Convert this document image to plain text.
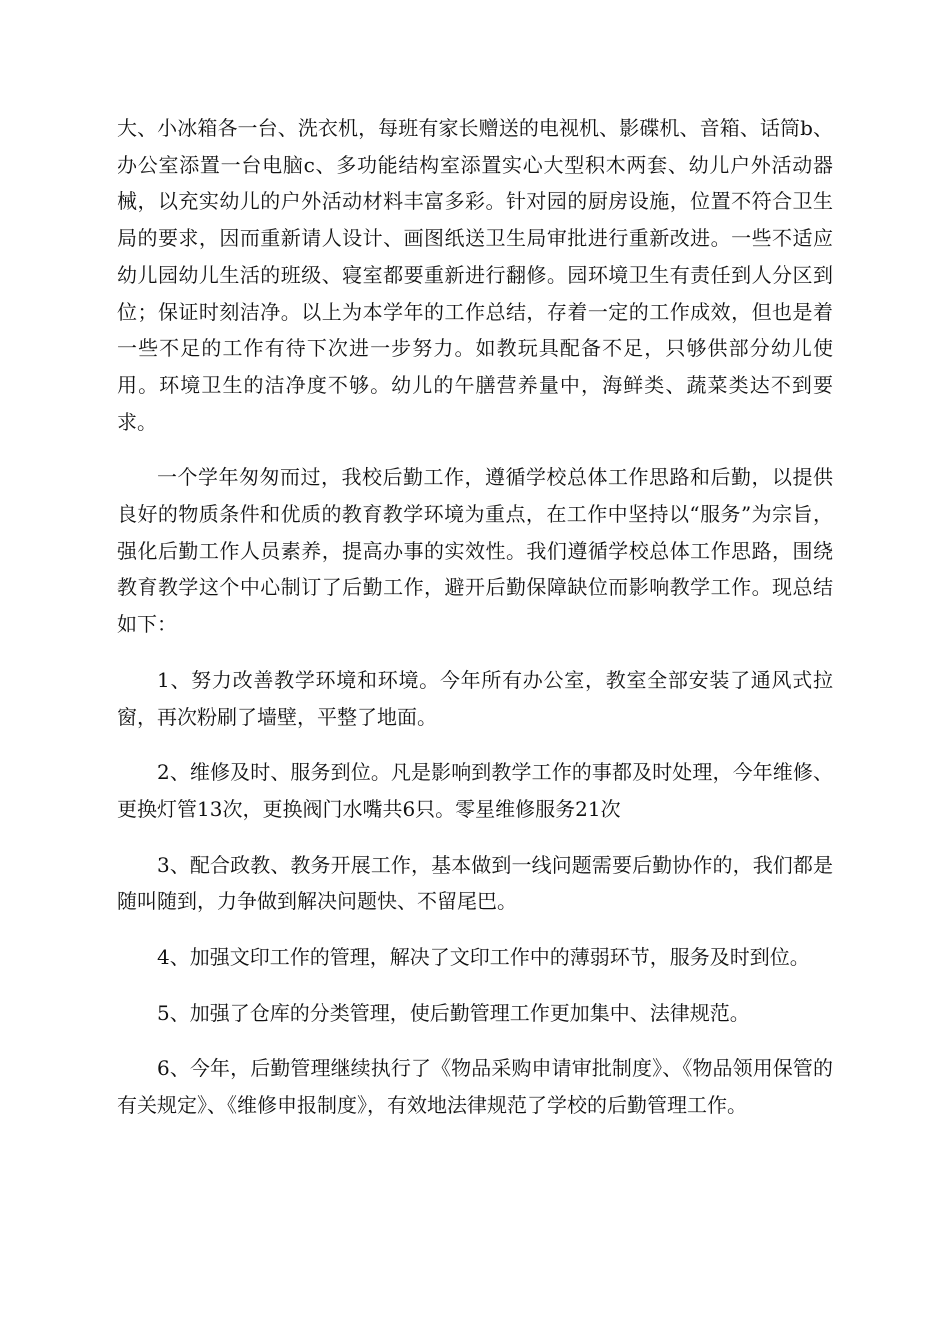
大、小冰箱各一台、洗衣机，每班有家长赠送的电视机、影碟机、音箱、话筒b、办公室添置一台电脑c、多功能结构室添置实心大型积木两套、幼儿户外活动器械，以充实幼儿的户外活动材料丰富多彩。针对园的厨房设施，位置不符合卫生局的要求，因而重新请人设计、画图纸送卫生局审批进行重新改进。一些不适应幼儿园幼儿生活的班级、寝室都要重新进行翻修。园环境卫生有责任到人分区到位；保证时刻洁净。以上为本学年的工作总结，存着一定的工作成效，但也是着一些不足的工作有待下次进一步努力。如教玩具配备不足，只够供部分幼儿使用。环境卫生的洁净度不够。幼儿的午膳营养量中，海鲜类、蔬菜类达不到要求。

一个学年匆匆而过，我校后勤工作，遵循学校总体工作思路和后勤，以提供良好的物质条件和优质的教育教学环境为重点，在工作中坚持以“服务”为宗旨，强化后勤工作人员素养，提高办事的实效性。我们遵循学校总体工作思路，围绕教育教学这个中心制订了后勤工作，避开后勤保障缺位而影响教学工作。现总结如下：

1、努力改善教学环境和环境。今年所有办公室，教室全部安装了通风式拉窗，再次粉刷了墙壁，平整了地面。

2、维修及时、服务到位。凡是影响到教学工作的事都及时处理，今年维修、更换灯管13次，更换阀门水嘴共6只。零星维修服务21次

3、配合政教、教务开展工作，基本做到一线问题需要后勤协作的，我们都是随叫随到，力争做到解决问题快、不留尾巴。

4、加强文印工作的管理，解决了文印工作中的薄弱环节，服务及时到位。

5、加强了仓库的分类管理，使后勤管理工作更加集中、法律规范。

6、今年，后勤管理继续执行了《物品采购申请审批制度》、《物品领用保管的有关规定》、《维修申报制度》，有效地法律规范了学校的后勤管理工作。
